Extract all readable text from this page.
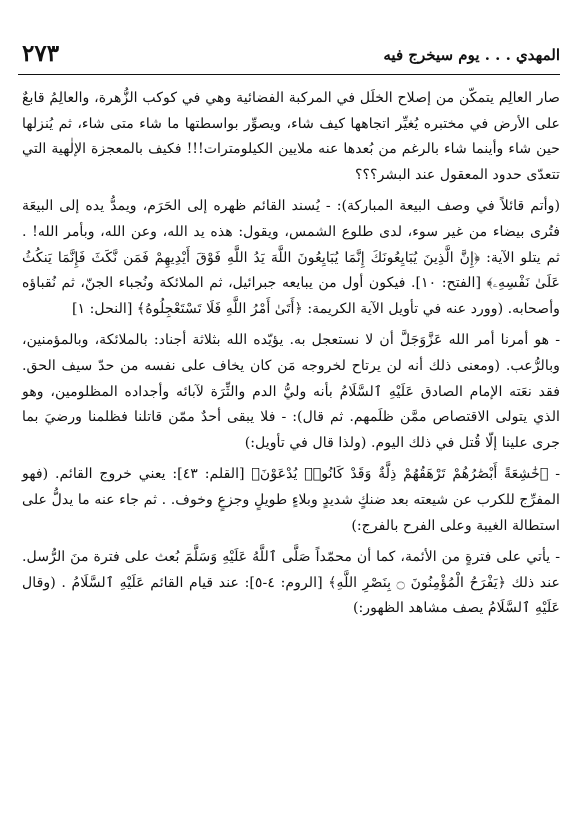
المهدي . . . يوم سيخرج فيه
٢٧٣

صار العالِم يتمكّن من إصلاح الخلَل في المركبة الفضائية وهي في كوكب الزُّهرة، والعالِمُ قابعٌ على الأرض في مختبره يُغيِّر اتجاهها كيف شاء، ويصوِّر بواسطتها ما شاء متى شاء، ثم يُنزلها حين شاء وأينما شاء بالرغم من بُعدها عنه ملايين الكيلومترات!!! فكيف بالمعجزة الإلٰهية التي تتعدّى حدود المعقول عند البشر؟؟؟

(وأتم قائلاً في وصف البيعة المباركة): - يُسند القائم ظهره إلى الحَرَم، ويمدُّ يده إلى البيعَة فتُرى بيضاء من غير سوء، لدى طلوع الشمس، ويقول: هذه يد الله، وعن الله، وبأمر الله! . ثم يتلو الآية: ﴿إِنَّ الَّذِينَ يُبَايِعُونَكَ إِنَّمَا يُبَايِعُونَ اللَّهَ يَدُ اللَّهِ فَوْقَ أَيْدِيهِمْ فَمَن نَّكَثَ فَإِنَّمَا يَنكُثُ عَلَىٰ نَفْسِهِۦ﴾ [الفتح: ١٠]. فيكون أول من يبايعه جبرائيل، ثم الملائكة ونُجباء الجنّ، ثم نُقباؤه وأصحابه. (وورد عنه في تأويل الآية الكريمة: ﴿أَتَىٰ أَمْرُ اللَّهِ فَلَا تَسْتَعْجِلُوهُ﴾ [النحل: ١]

- هو أمرنا أمر الله عَزَّوَجَلَّ أن لا نستعجل به. يؤيّده الله بثلاثة أجناد: بالملائكة، وبالمؤمنين، وبالرُّعب. (ومعنى ذلك أنه لن يرتاح لخروجه مَن كان يخاف على نفسه من حدّ سيف الحق. فقد نعَته الإمام الصادق عَلَيْهِ ٱلسَّلَامُ بأنه وليُّ الدم والثِّرَة لآبائه وأجداده المظلومين، وهو الذي يتولى الاقتصاص ممَّن ظلَمهم. ثم قال): - فلا يبقى أحدٌ ممّن قاتلنا فظلمنا ورضيَ بما جرى علينا إلّا قُتل في ذلك اليوم. (ولذا قال في تأويل:)

- ﴿خَٰشِعَةً أَبْصَٰرُهُمْ تَرْهَقُهُمْ ذِلَّةٌ وَقَدْ كَانُوا۟ يُدْعَوْنَ﴾ [القلم: ٤٣]: يعني خروج القائم. (فهو المفرِّج للكرب عن شيعته بعد ضنكٍ شديدٍ وبلاءٍ طويلٍ وجزعٍ وخوف. . ثم جاء عنه ما يدلُّ على استطالة الغيبة وعلى الفرح بالفرج:)

- يأتي على فترةٍ من الأئمة، كما أن محمّداً صَلَّى ٱللَّهُ عَلَيْهِ وَسَلَّمَ بُعث على فترة منَ الرُّسل. عند ذلك ﴿يَفْرَحُ الْمُؤْمِنُونَ ۝ بِنَصْرِ اللَّهِ﴾ [الروم: ٤-٥]: عند قيام القائم عَلَيْهِ ٱلسَّلَامُ . (وقال عَلَيْهِ ٱلسَّلَامُ يصف مشاهد الظهور:)
